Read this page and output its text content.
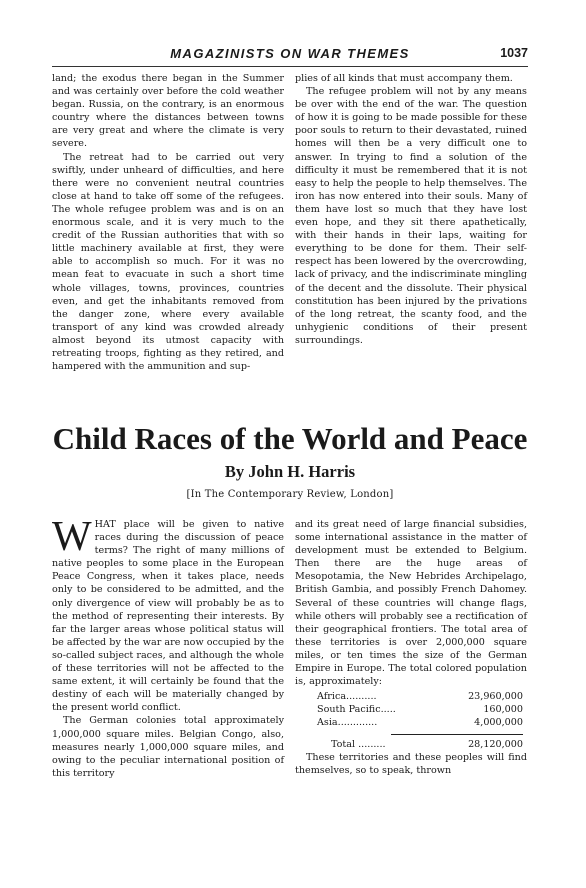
MAGAZINISTS ON WAR THEMES	1037

land; the exodus there began in the Summer and was certainly over before the cold weather began. Russia, on the contrary, is an enormous country where the distances between towns are very great and where the climate is very severe.

The retreat had to be carried out very swiftly, under unheard of difficulties, and here there were no convenient neutral countries close at hand to take off some of the refugees. The whole refugee problem was and is on an enormous scale, and it is very much to the credit of the Russian authorities that with so little machinery available at first, they were able to accomplish so much. For it was no mean feat to evacuate in such a short time whole villages, towns, provinces, countries even, and get the inhabitants removed from the danger zone, where every available transport of any kind was crowded already almost beyond its utmost capacity with retreating troops, fighting as they retired, and hampered with the ammunition and sup-

plies of all kinds that must accompany them.

The refugee problem will not by any means be over with the end of the war. The question of how it is going to be made possible for these poor souls to return to their devastated, ruined homes will then be a very difficult one to answer. In trying to find a solution of the difficulty it must be remembered that it is not easy to help the people to help themselves. The iron has now entered into their souls. Many of them have lost so much that they have lost even hope, and they sit there apathetically, with their hands in their laps, waiting for everything to be done for them. Their self-respect has been lowered by the overcrowding, lack of privacy, and the indiscriminate mingling of the decent and the dissolute. Their physical constitution has been injured by the privations of the long retreat, the scanty food, and the unhygienic conditions of their present surroundings.

Child Races of the World and Peace
By John H. Harris
[In The Contemporary Review, London]

WHAT place will be given to native races during the discussion of peace terms? The right of many millions of native peoples to some place in the European Peace Congress, when it takes place, needs only to be considered to be admitted, and the only divergence of view will probably be as to the method of representing their interests. By far the larger areas whose political status will be affected by the war are now occupied by the so-called subject races, and although the whole of these territories will not be affected to the same extent, it will certainly be found that the destiny of each will be materially changed by the present world conflict.

The German colonies total approximately 1,000,000 square miles. Belgian Congo, also, measures nearly 1,000,000 square miles, and owing to the peculiar international position of this territory

and its great need of large financial subsidies, some international assistance in the matter of development must be extended to Belgium. Then there are the huge areas of Mesopotamia, the New Hebrides Archipelago, British Gambia, and possibly French Dahomey. Several of these countries will change flags, while others will probably see a rectification of their geographical frontiers. The total area of these territories is over 2,000,000 square miles, or ten times the size of the German Empire in Europe. The total colored population is, approximately:

Africa..........	23,960,000
South Pacific.....	160,000
Asia.............	4,000,000
Total .........	28,120,000

These territories and these peoples will find themselves, so to speak, thrown
